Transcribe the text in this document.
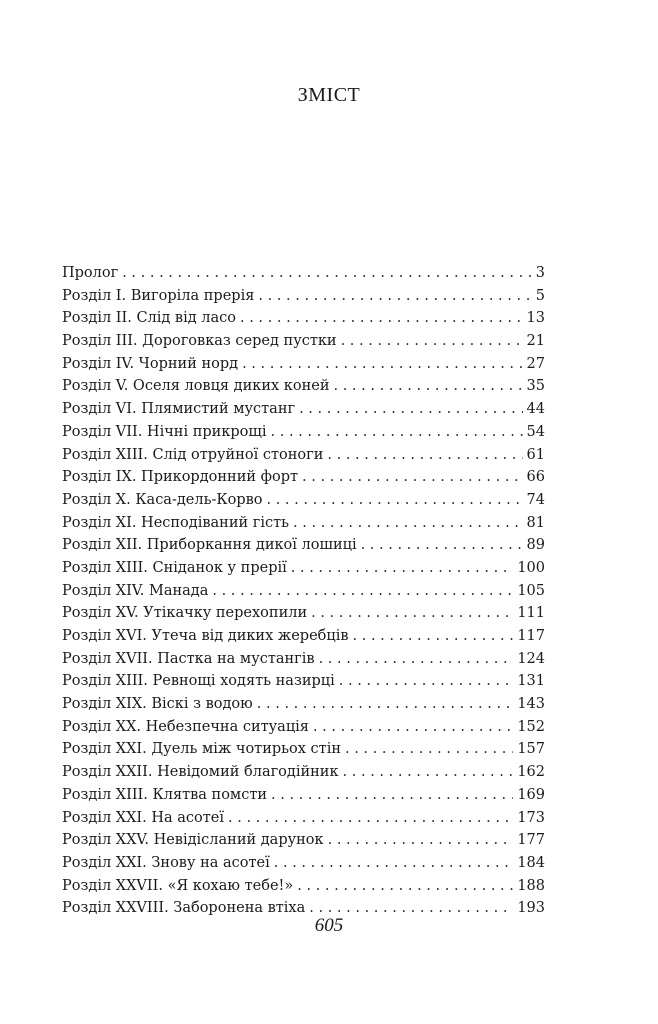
ЗМІСТ
Пролог . . .	3
Розділ I. Вигоріла прерія . . .	5
Розділ II. Слід від ласо . . .	13
Розділ III. Дороговказ серед пустки . . .	21
Розділ IV. Чорний норд . . .	27
Розділ V. Оселя ловця диких коней . . .	35
Розділ VI. Плямистий мустанг . . .	44
Розділ VII. Нічні прикрощі . . .	54
Розділ XIII. Слід отруйної стоноги . . .	61
Розділ IX. Прикордонний форт . . .	66
Розділ X. Каса-дель-Корво . . .	74
Розділ XI. Несподіваний гість . . .	81
Розділ XII. Приборкання дикої лошиці . . .	89
Розділ XIII. Сніданок у прерії . . .	100
Розділ XIV. Манада . . .	105
Розділ XV. Утікачку перехопили . . .	111
Розділ XVI. Утеча від диких жеребців . . .	117
Розділ XVII. Пастка на мустангів . . .	124
Розділ XIII. Ревнощі ходять назирці . . .	131
Розділ XIX. Віскі з водою . . .	143
Розділ XX. Небезпечна ситуація . . .	152
Розділ XXI. Дуель між чотирьох стін . . .	157
Розділ XXII. Невідомий благодійник . . .	162
Розділ XIII. Клятва помсти . . .	169
Розділ XXI. На асотеї . . .	173
Розділ XXV. Невідісланий дарунок . . .	177
Розділ XXI. Знову на асотеї . . .	184
Розділ XXVII. «Я кохаю тебе!» . . .	188
Розділ XXVIII. Заборонена втіха . . .	193
605
